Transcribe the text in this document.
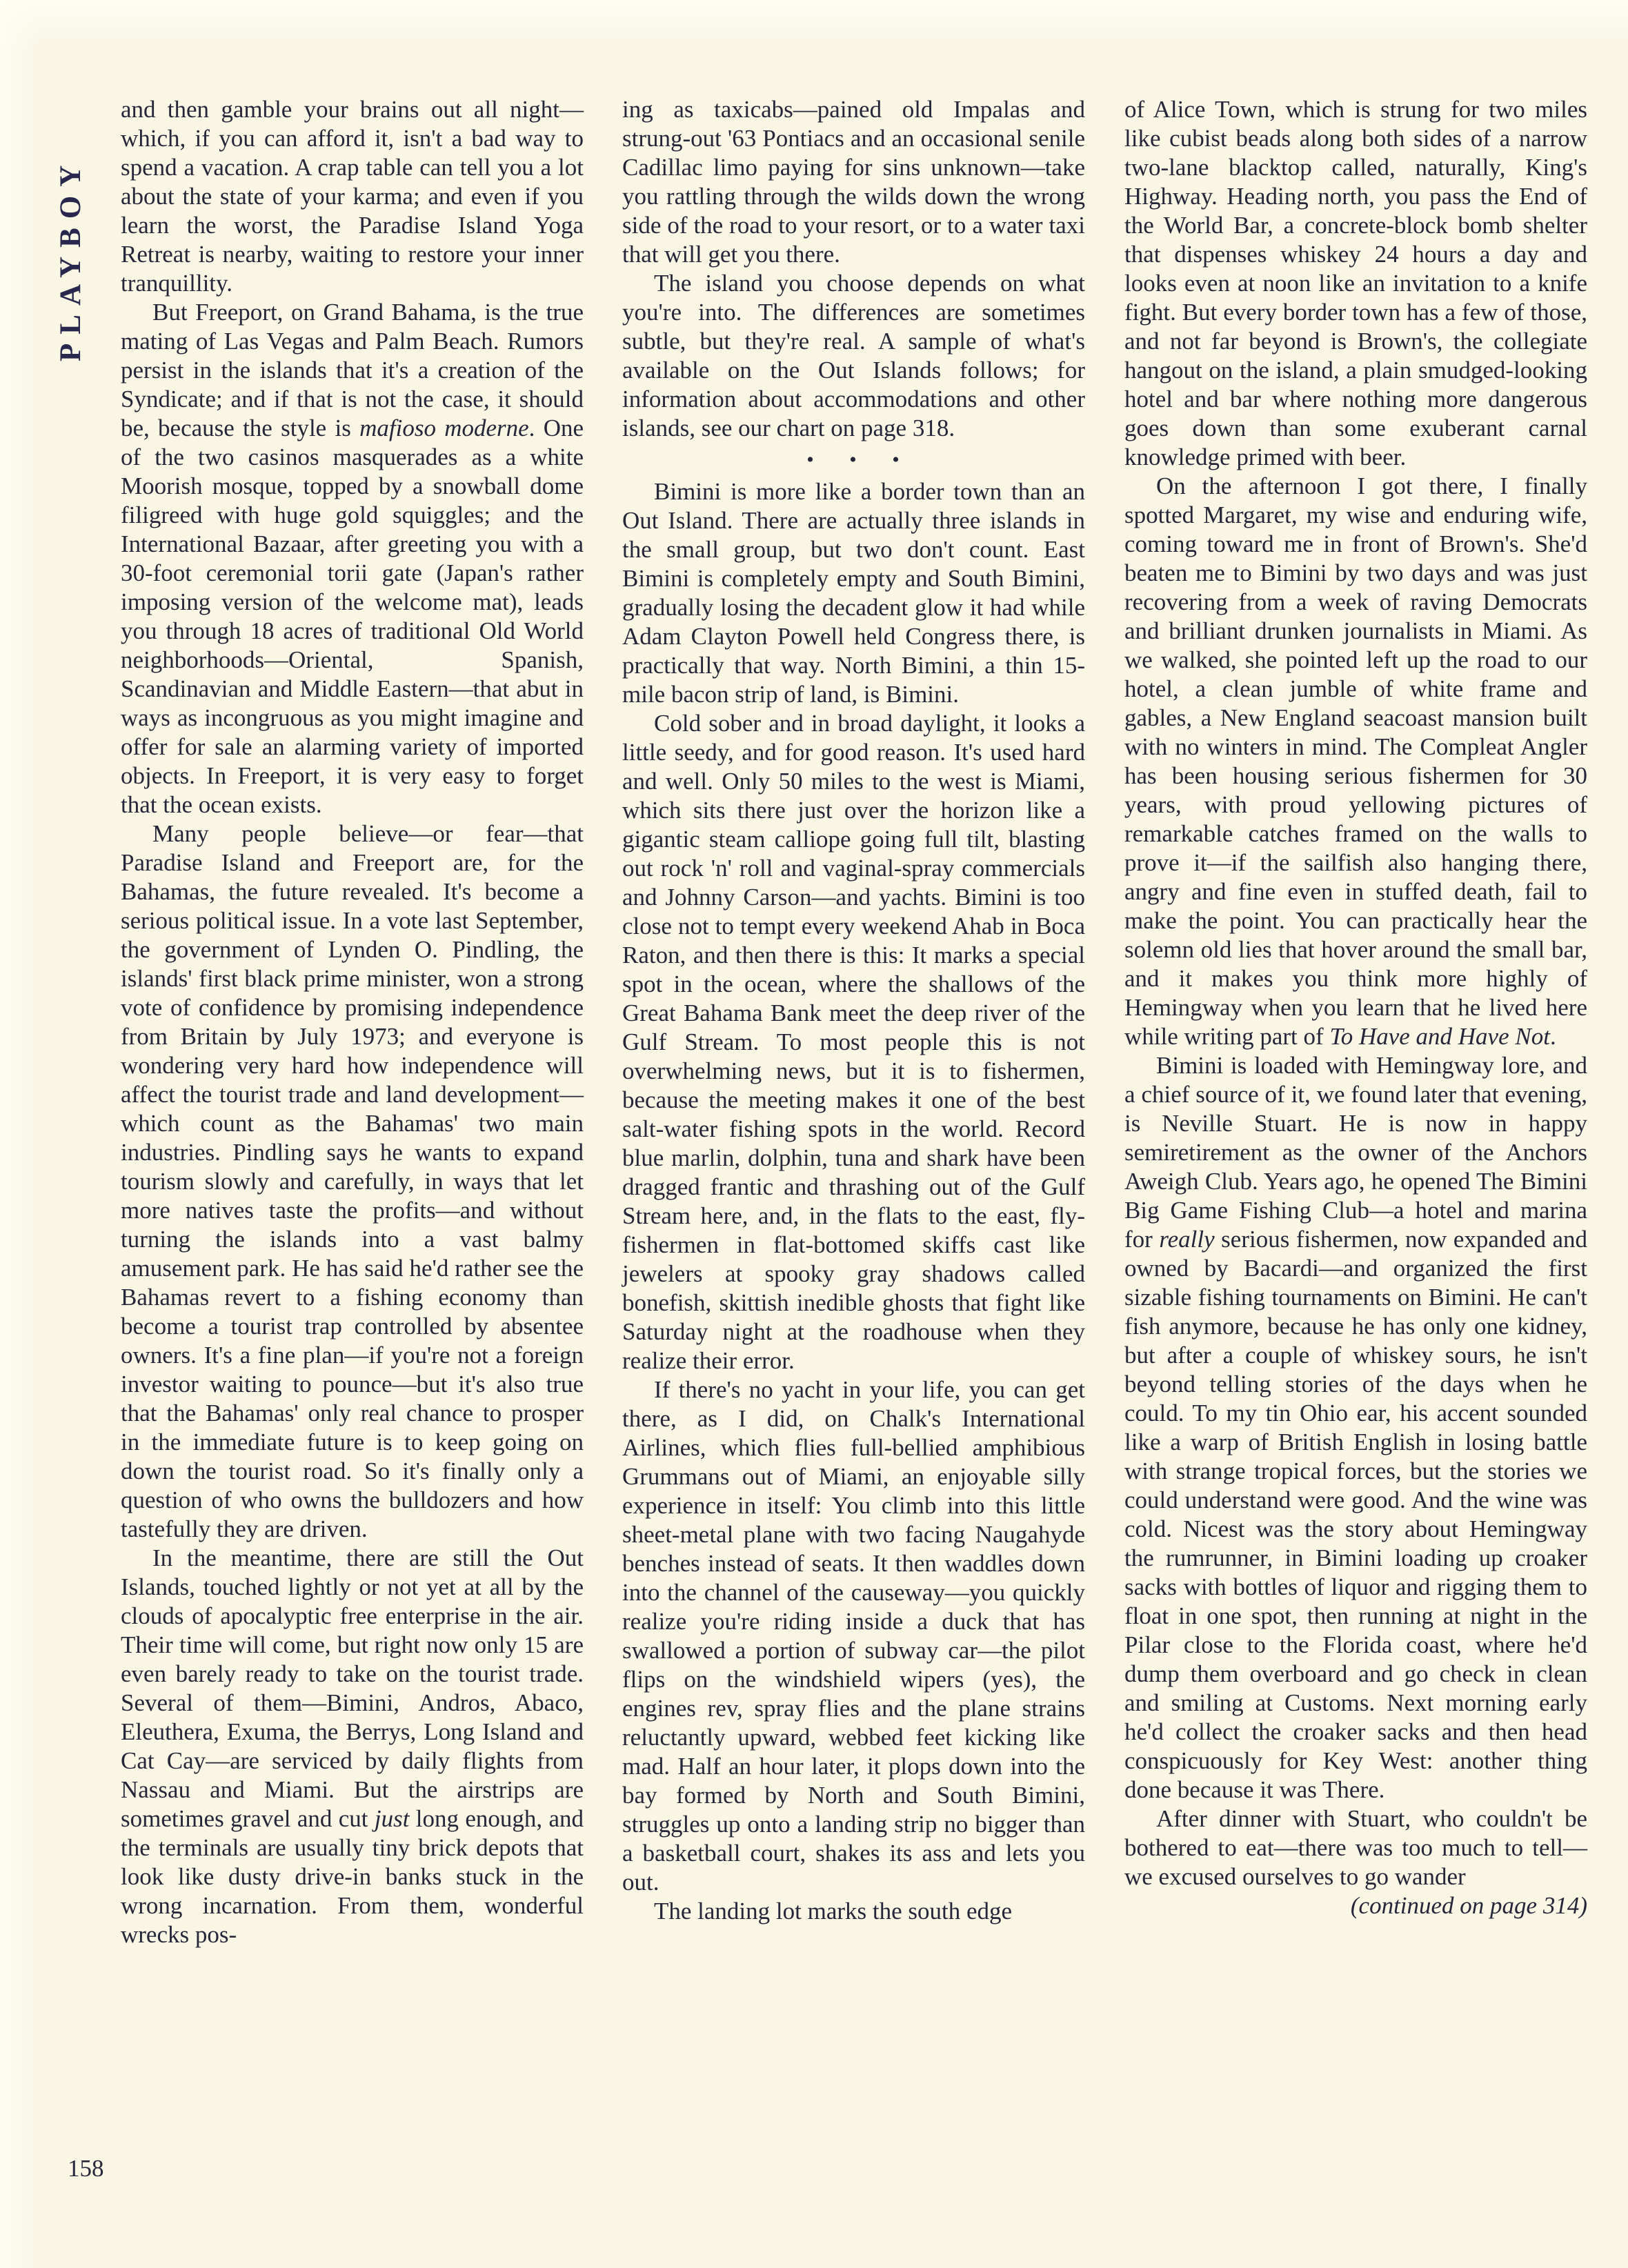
PLAYBOY

and then gamble your brains out all night—which, if you can afford it, isn't a bad way to spend a vacation. A crap table can tell you a lot about the state of your karma; and even if you learn the worst, the Paradise Island Yoga Retreat is nearby, waiting to restore your inner tranquillity.

But Freeport, on Grand Bahama, is the true mating of Las Vegas and Palm Beach. Rumors persist in the islands that it's a creation of the Syndicate; and if that is not the case, it should be, because the style is mafioso moderne. One of the two casinos masquerades as a white Moorish mosque, topped by a snowball dome filigreed with huge gold squiggles; and the International Bazaar, after greeting you with a 30-foot ceremonial torii gate (Japan's rather imposing version of the welcome mat), leads you through 18 acres of traditional Old World neighborhoods—Oriental, Spanish, Scandinavian and Middle Eastern—that abut in ways as incongruous as you might imagine and offer for sale an alarming variety of imported objects. In Freeport, it is very easy to forget that the ocean exists.

Many people believe—or fear—that Paradise Island and Freeport are, for the Bahamas, the future revealed. It's become a serious political issue. In a vote last September, the government of Lynden O. Pindling, the islands' first black prime minister, won a strong vote of confidence by promising independence from Britain by July 1973; and everyone is wondering very hard how independence will affect the tourist trade and land development—which count as the Bahamas' two main industries. Pindling says he wants to expand tourism slowly and carefully, in ways that let more natives taste the profits—and without turning the islands into a vast balmy amusement park. He has said he'd rather see the Bahamas revert to a fishing economy than become a tourist trap controlled by absentee owners. It's a fine plan—if you're not a foreign investor waiting to pounce—but it's also true that the Bahamas' only real chance to prosper in the immediate future is to keep going on down the tourist road. So it's finally only a question of who owns the bulldozers and how tastefully they are driven.

In the meantime, there are still the Out Islands, touched lightly or not yet at all by the clouds of apocalyptic free enterprise in the air. Their time will come, but right now only 15 are even barely ready to take on the tourist trade. Several of them—Bimini, Andros, Abaco, Eleuthera, Exuma, the Berrys, Long Island and Cat Cay—are serviced by daily flights from Nassau and Miami. But the airstrips are sometimes gravel and cut just long enough, and the terminals are usually tiny brick depots that look like dusty drive-in banks stuck in the wrong incarnation. From them, wonderful wrecks pos-

ing as taxicabs—pained old Impalas and strung-out '63 Pontiacs and an occasional senile Cadillac limo paying for sins unknown—take you rattling through the wilds down the wrong side of the road to your resort, or to a water taxi that will get you there.

The island you choose depends on what you're into. The differences are sometimes subtle, but they're real. A sample of what's available on the Out Islands follows; for information about accommodations and other islands, see our chart on page 318.

• • •

Bimini is more like a border town than an Out Island. There are actually three islands in the small group, but two don't count. East Bimini is completely empty and South Bimini, gradually losing the decadent glow it had while Adam Clayton Powell held Congress there, is practically that way. North Bimini, a thin 15-mile bacon strip of land, is Bimini.

Cold sober and in broad daylight, it looks a little seedy, and for good reason. It's used hard and well. Only 50 miles to the west is Miami, which sits there just over the horizon like a gigantic steam calliope going full tilt, blasting out rock 'n' roll and vaginal-spray commercials and Johnny Carson—and yachts. Bimini is too close not to tempt every weekend Ahab in Boca Raton, and then there is this: It marks a special spot in the ocean, where the shallows of the Great Bahama Bank meet the deep river of the Gulf Stream. To most people this is not overwhelming news, but it is to fishermen, because the meeting makes it one of the best salt-water fishing spots in the world. Record blue marlin, dolphin, tuna and shark have been dragged frantic and thrashing out of the Gulf Stream here, and, in the flats to the east, fly-fishermen in flat-bottomed skiffs cast like jewelers at spooky gray shadows called bonefish, skittish inedible ghosts that fight like Saturday night at the roadhouse when they realize their error.

If there's no yacht in your life, you can get there, as I did, on Chalk's International Airlines, which flies full-bellied amphibious Grummans out of Miami, an enjoyable silly experience in itself: You climb into this little sheet-metal plane with two facing Naugahyde benches instead of seats. It then waddles down into the channel of the causeway—you quickly realize you're riding inside a duck that has swallowed a portion of subway car—the pilot flips on the windshield wipers (yes), the engines rev, spray flies and the plane strains reluctantly upward, webbed feet kicking like mad. Half an hour later, it plops down into the bay formed by North and South Bimini, struggles up onto a landing strip no bigger than a basketball court, shakes its ass and lets you out.

The landing lot marks the south edge

of Alice Town, which is strung for two miles like cubist beads along both sides of a narrow two-lane blacktop called, naturally, King's Highway. Heading north, you pass the End of the World Bar, a concrete-block bomb shelter that dispenses whiskey 24 hours a day and looks even at noon like an invitation to a knife fight. But every border town has a few of those, and not far beyond is Brown's, the collegiate hangout on the island, a plain smudged-looking hotel and bar where nothing more dangerous goes down than some exuberant carnal knowledge primed with beer.

On the afternoon I got there, I finally spotted Margaret, my wise and enduring wife, coming toward me in front of Brown's. She'd beaten me to Bimini by two days and was just recovering from a week of raving Democrats and brilliant drunken journalists in Miami. As we walked, she pointed left up the road to our hotel, a clean jumble of white frame and gables, a New England seacoast mansion built with no winters in mind. The Compleat Angler has been housing serious fishermen for 30 years, with proud yellowing pictures of remarkable catches framed on the walls to prove it—if the sailfish also hanging there, angry and fine even in stuffed death, fail to make the point. You can practically hear the solemn old lies that hover around the small bar, and it makes you think more highly of Hemingway when you learn that he lived here while writing part of To Have and Have Not.

Bimini is loaded with Hemingway lore, and a chief source of it, we found later that evening, is Neville Stuart. He is now in happy semiretirement as the owner of the Anchors Aweigh Club. Years ago, he opened The Bimini Big Game Fishing Club—a hotel and marina for really serious fishermen, now expanded and owned by Bacardi—and organized the first sizable fishing tournaments on Bimini. He can't fish anymore, because he has only one kidney, but after a couple of whiskey sours, he isn't beyond telling stories of the days when he could. To my tin Ohio ear, his accent sounded like a warp of British English in losing battle with strange tropical forces, but the stories we could understand were good. And the wine was cold. Nicest was the story about Hemingway the rumrunner, in Bimini loading up croaker sacks with bottles of liquor and rigging them to float in one spot, then running at night in the Pilar close to the Florida coast, where he'd dump them overboard and go check in clean and smiling at Customs. Next morning early he'd collect the croaker sacks and then head conspicuously for Key West: another thing done because it was There.

After dinner with Stuart, who couldn't be bothered to eat—there was too much to tell—we excused ourselves to go wander

(continued on page 314)

158
